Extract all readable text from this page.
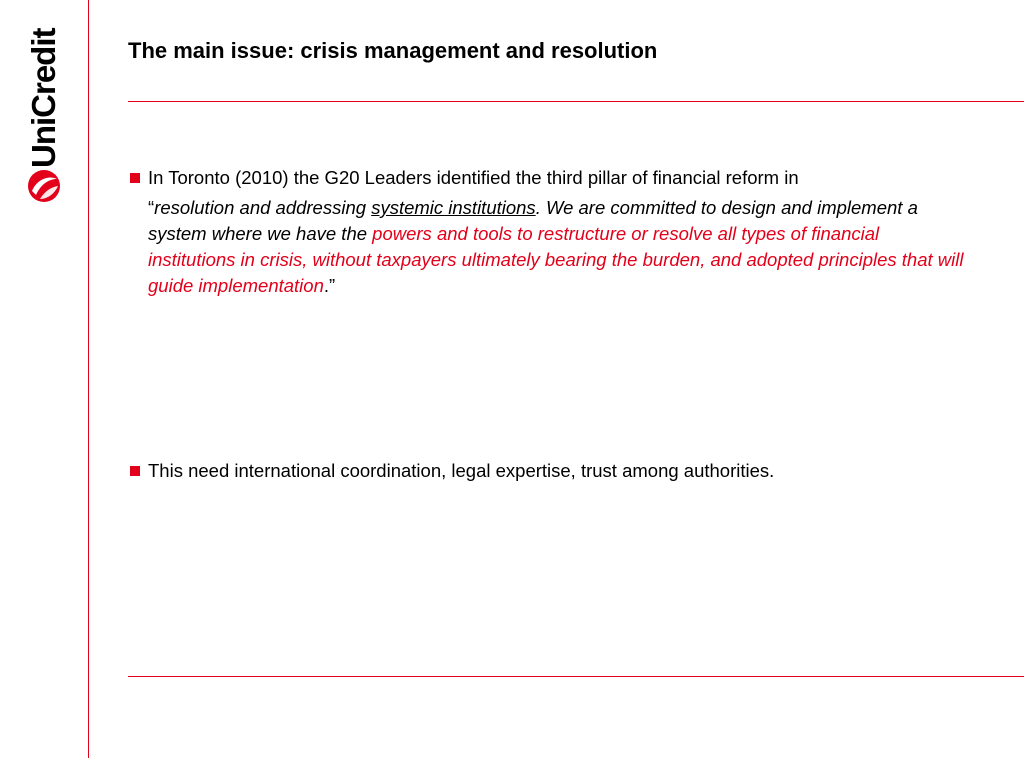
UniCredit	The main issue: crisis management and resolution
In Toronto (2010) the G20 Leaders identified the third pillar of financial reform in
“resolution and addressing systemic institutions. We are committed to design and implement a system where we have the powers and tools to restructure or resolve all types of financial institutions in crisis, without taxpayers ultimately bearing the burden, and adopted principles that will guide implementation.”
This need international coordination, legal expertise, trust among authorities.
